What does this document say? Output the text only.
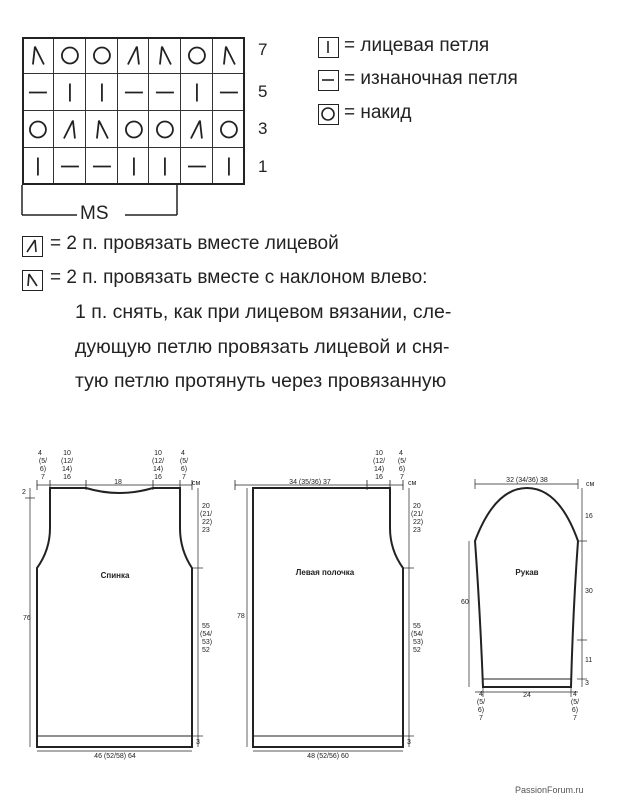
7
5
3
1
MS
= лицевая петля
= изнаночная петля
= накид
= 2 п. провязать вместе лицевой
= 2 п. провязать вместе с наклоном влево:
1 п. снять, как при лицевом вязании, сле-
дующую петлю провязать лицевой и сня-
тую петлю протянуть через провязанную
4
(5/
6)
7
10
(12/
14)
16
10
(12/
14)
16
4
(5/
6)
7
18
2
20
(21/
22)
23
76
55
(54/
53)
52
46 (52/58) 64
3
Спинка
34 (35/36) 37
10
(12/
14)
16
4
(5/
6)
7
20
(21/
22)
23
78
55
(54/
53)
52
48 (52/56) 60
3
Левая полочка
32 (34/36) 38
см
16
30
11
3
60
24
4
(5/
6)
7
4
(5/
6)
7
Рукав
см	см
PassionForum.ru
